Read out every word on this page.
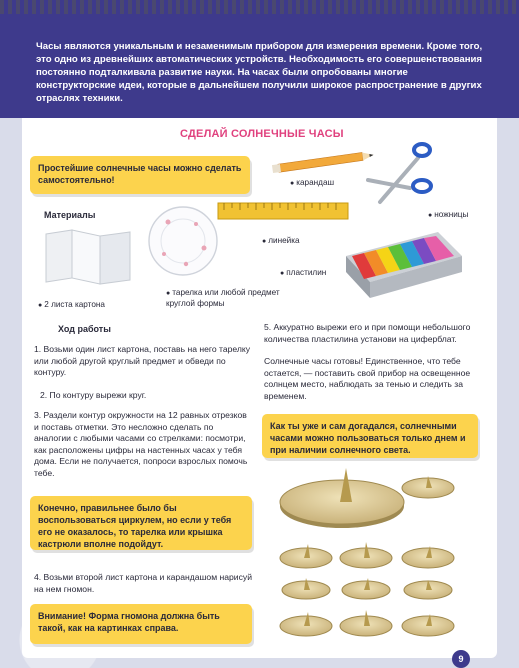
Часы являются уникальным и незаменимым прибором для измерения времени. Кроме того, это одно из древнейших автоматических устройств. Необходимость его совершенствования постоянно подталкивала развитие науки. На часах были опробованы многие конструкторские идеи, которые в дальнейшем получили широкое распространение в других отраслях техники.
СДЕЛАЙ СОЛНЕЧНЫЕ ЧАСЫ
Простейшие солнечные часы можно сделать самостоятельно!
●	карандаш
● ножницы
Материалы
● 2 листа картона
● тарелка или любой предмет круглой формы
● линейка
● пластилин
Ход работы
1. Возьми один лист картона, поставь на него тарелку или любой другой круглый предмет и обведи по контуру.
2. По контуру вырежи круг.
3. Раздели контур окружности на 12 равных отрезков и поставь отметки. Это несложно сделать по аналогии с любыми часами со стрелками: посмотри, как расположены цифры на настенных часах у тебя дома. Если не получается, попроси взрослых помочь тебе.
Конечно, правильнее было бы воспользоваться циркулем, но если у тебя его не оказалось, то тарелка или крышка кастрюли вполне подойдут.
4. Возьми второй лист картона и карандашом нарисуй на нем гномон.
Внимание! Форма гномона должна быть такой, как на картинках справа.
5. Аккуратно вырежи его и при помощи небольшого количества пластилина установи на циферблат.
Солнечные часы готовы! Единственное, что тебе остается, — поставить свой прибор на освещенное солнцем место, наблюдать за тенью и следить за временем.
Как ты уже и сам догадался, солнечными часами можно пользоваться только днем и при наличии солнечного света.
9
